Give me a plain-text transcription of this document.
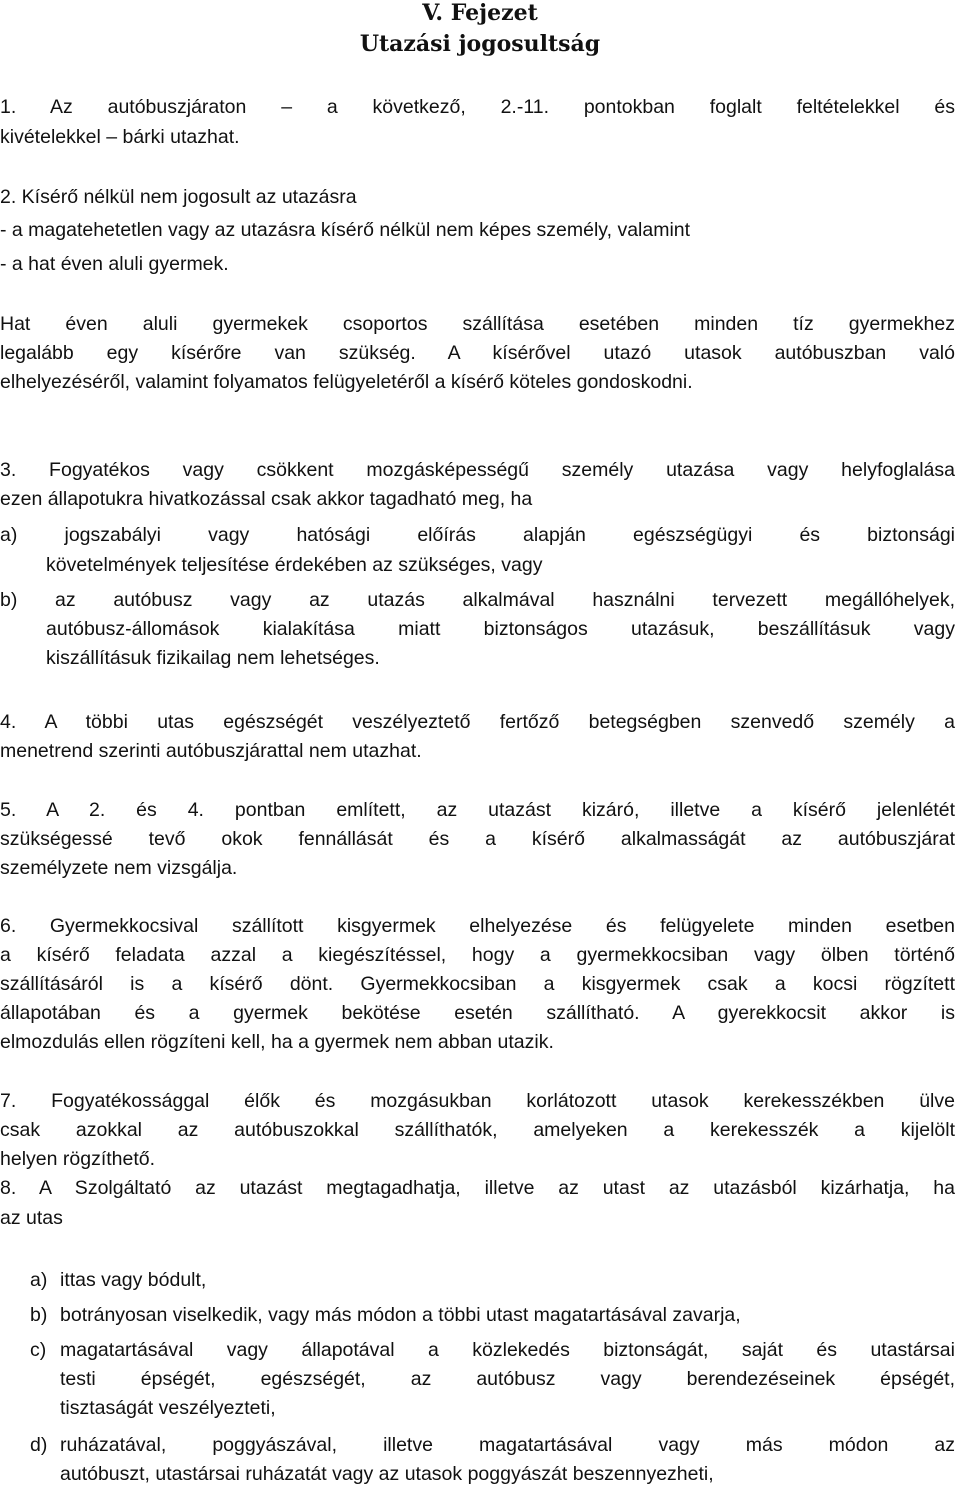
V. Fejezet
Utazási jogosultság
1. Az autóbuszjáraton – a következő, 2.-11. pontokban foglalt feltételekkel és
kivételekkel – bárki utazhat.
2. Kísérő nélkül nem jogosult az utazásra
- a magatehetetlen vagy az utazásra kísérő nélkül nem képes személy, valamint
- a hat éven aluli gyermek.
Hat éven aluli gyermekek csoportos szállítása esetében minden tíz gyermekhez
legalább egy kísérőre van szükség. A kísérővel utazó utasok autóbuszban való
elhelyezéséről, valamint folyamatos felügyeletéről a kísérő köteles gondoskodni.
3. Fogyatékos vagy csökkent mozgásképességű személy utazása vagy helyfoglalása
ezen állapotukra hivatkozással csak akkor tagadható meg, ha
a) jogszabályi vagy hatósági előírás alapján egészségügyi és biztonsági
követelmények teljesítése érdekében az szükséges, vagy
b) az autóbusz vagy az utazás alkalmával használni tervezett megállóhelyek,
autóbusz-állomások kialakítása miatt biztonságos utazásuk, beszállításuk vagy
kiszállításuk fizikailag nem lehetséges.
4. A többi utas egészségét veszélyeztető fertőző betegségben szenvedő személy a
menetrend szerinti autóbuszjárattal nem utazhat.
5. A 2. és 4. pontban említett, az utazást kizáró, illetve a kísérő jelenlétét
szükségessé tevő okok fennállását és a kísérő alkalmasságát az autóbuszjárat
személyzete nem vizsgálja.
6. Gyermekkocsival szállított kisgyermek elhelyezése és felügyelete minden esetben
a kísérő feladata azzal a kiegészítéssel, hogy a gyermekkocsiban vagy ölben történő
szállításáról is a kísérő dönt. Gyermekkocsiban a kisgyermek csak a kocsi rögzített
állapotában és a gyermek bekötése esetén szállítható. A gyerekkocsit akkor is
elmozdulás ellen rögzíteni kell, ha a gyermek nem abban utazik.
7. Fogyatékossággal élők és mozgásukban korlátozott utasok kerekesszékben ülve
csak azokkal az autóbuszokkal szállíthatók, amelyeken a kerekesszék a kijelölt
helyen rögzíthető.
8. A Szolgáltató az utazást megtagadhatja, illetve az utast az utazásból kizárhatja, ha
az utas
a) ittas vagy bódult,
b) botrányosan viselkedik, vagy más módon a többi utast magatartásával zavarja,
c) magatartásával vagy állapotával a közlekedés biztonságát, saját és utastársai
testi épségét, egészségét, az autóbusz vagy berendezéseinek épségét,
tisztaságát veszélyezteti,
d) ruházatával, poggyászával, illetve magatartásával vagy más módon az
autóbuszt, utastársai ruházatát vagy az utasok poggyászát beszennyezheti,
